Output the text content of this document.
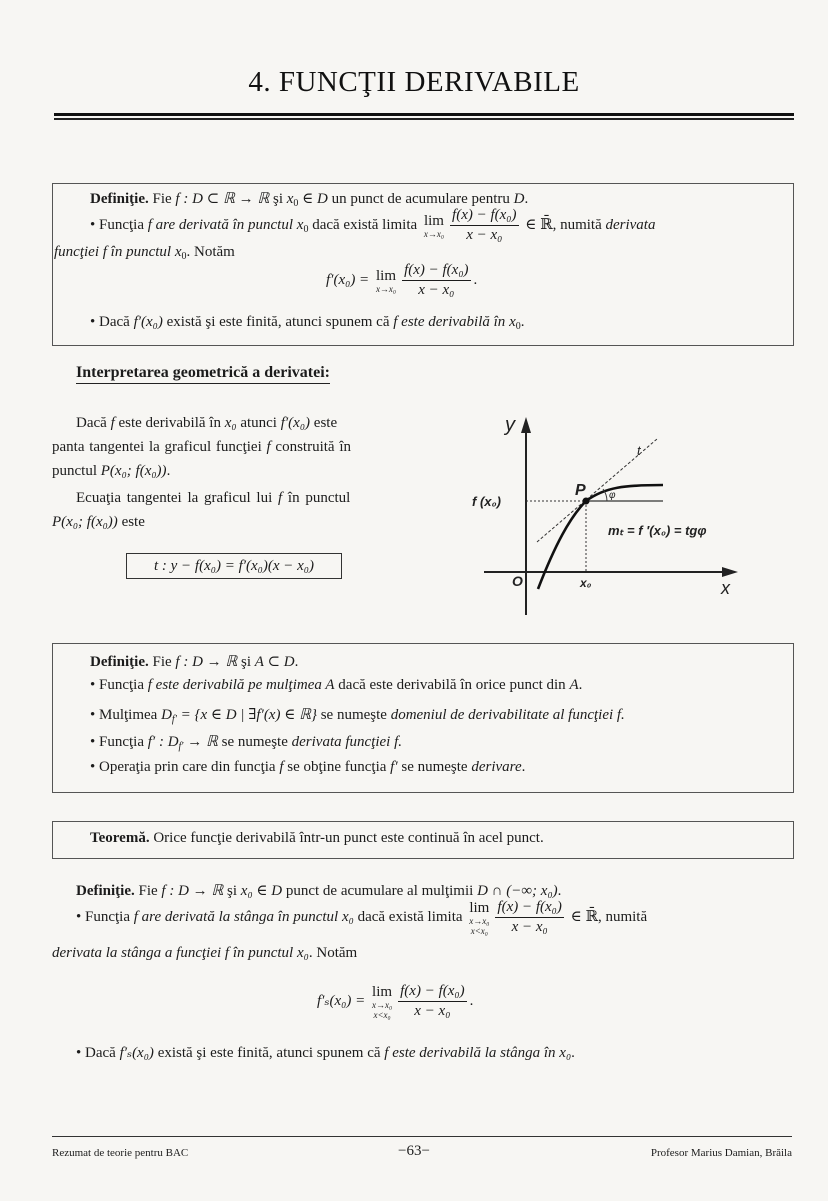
4. FUNCŢII DERIVABILE
Definiţie. Fie f : D ⊂ ℝ → ℝ şi $x_0$ ∈ D un punct de acumulare pentru D.
• Funcţia f are derivată în punctul $x_0$ dacă există limita lim
$x\to x_0 \frac{\text{f(x) − f(x₀)}}{\text{x − x₀}}$ ∈ ℝ̄, numită derivata
funcţiei f în punctul $x_0$. Notăm
f′(x₀) = lim
$x\to x_0 \frac{\text{f(x) − f(x₀)}}{\text{x − x₀}}$ .
• Dacă f′(x₀) există şi este finită, atunci spunem că f este derivabilă în $x_0$.
Interpretarea geometrică a derivatei:
Dacă f este derivabilă în x₀ atunci f′(x₀) este
panta tangentei la graficul funcţiei f construită în
punctul P(x₀; f(x₀)).
Ecuaţia tangentei la graficul lui f în punctul
P(x₀; f(x₀)) este
t : y − f(x₀) = f′(x₀)(x − x₀)
y
x
O
P
t
f (x₀)
x₀
φ
mₜ = f ′(x₀) = tgφ
Definiţie. Fie f : D → ℝ şi A ⊂ D.
• Funcţia f este derivabilă pe mulţimea A dacă este derivabilă în orice punct din A.
• Mulţimea $D_{f'} = \{x$ ∈ D | ∃f′(x) ∈ ℝ} se numeşte domeniul de derivabilitate al funcţiei f.
• Funcţia f′ : $D_{f'}$ → ℝ se numeşte derivata funcţiei f.
• Operaţia prin care din funcţia f se obţine funcţia f′ se numeşte derivare.
Teoremă. Orice funcţie derivabilă într-un punct este continuă în acel punct.
Definiţie. Fie f : D → ℝ şi x₀ ∈ D punct de acumulare al mulţimii D ∩ (−∞; x₀).
• Funcţia f are derivată la stânga în punctul x₀ dacă există limita
lim
x→x₀
$x<x_0 \frac{\text{f(x) − f(x₀)}}{\text{x − x₀}}$ ∈ ℝ̄, numită
derivata la stânga a funcţiei f în punctul x₀. Notăm
f′ₛ(x₀) =
lim
x→x₀
$x<x_0 \frac{\text{f(x) − f(x₀)}}{\text{x − x₀}}$ .
• Dacă f′ₛ(x₀) există şi este finită, atunci spunem că f este derivabilă la stânga în x₀.
Rezumat de teorie pentru BAC	−63−	Profesor Marius Damian, Brăila
